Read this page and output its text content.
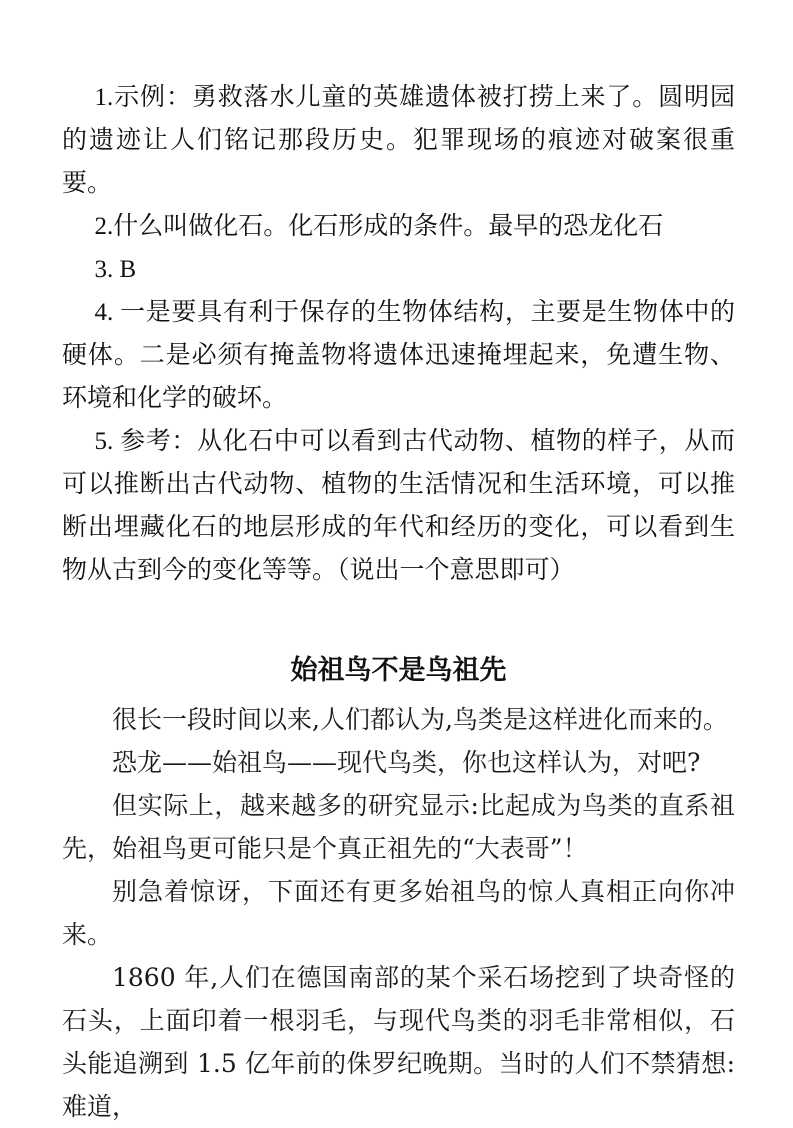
1.示例：勇救落水儿童的英雄遗体被打捞上来了。圆明园的遗迹让人们铭记那段历史。犯罪现场的痕迹对破案很重要。

2.什么叫做化石。化石形成的条件。最早的恐龙化石

3. B

4. 一是要具有利于保存的生物体结构，主要是生物体中的硬体。二是必须有掩盖物将遗体迅速掩埋起来，免遭生物、环境和化学的破坏。

5. 参考：从化石中可以看到古代动物、植物的样子，从而可以推断出古代动物、植物的生活情况和生活环境，可以推断出埋藏化石的地层形成的年代和经历的变化，可以看到生物从古到今的变化等等。（说出一个意思即可）

始祖鸟不是鸟祖先

很长一段时间以来,人们都认为,鸟类是这样进化而来的。

恐龙——始祖鸟——现代鸟类，你也这样认为，对吧?

但实际上，越来越多的研究显示:比起成为鸟类的直系祖先，始祖鸟更可能只是个真正祖先的“大表哥”！

别急着惊讶，下面还有更多始祖鸟的惊人真相正向你冲来。

1860 年,人们在德国南部的某个采石场挖到了块奇怪的石头，上面印着一根羽毛，与现代鸟类的羽毛非常相似，石头能追溯到 1.5 亿年前的侏罗纪晚期。当时的人们不禁猜想:难道，
